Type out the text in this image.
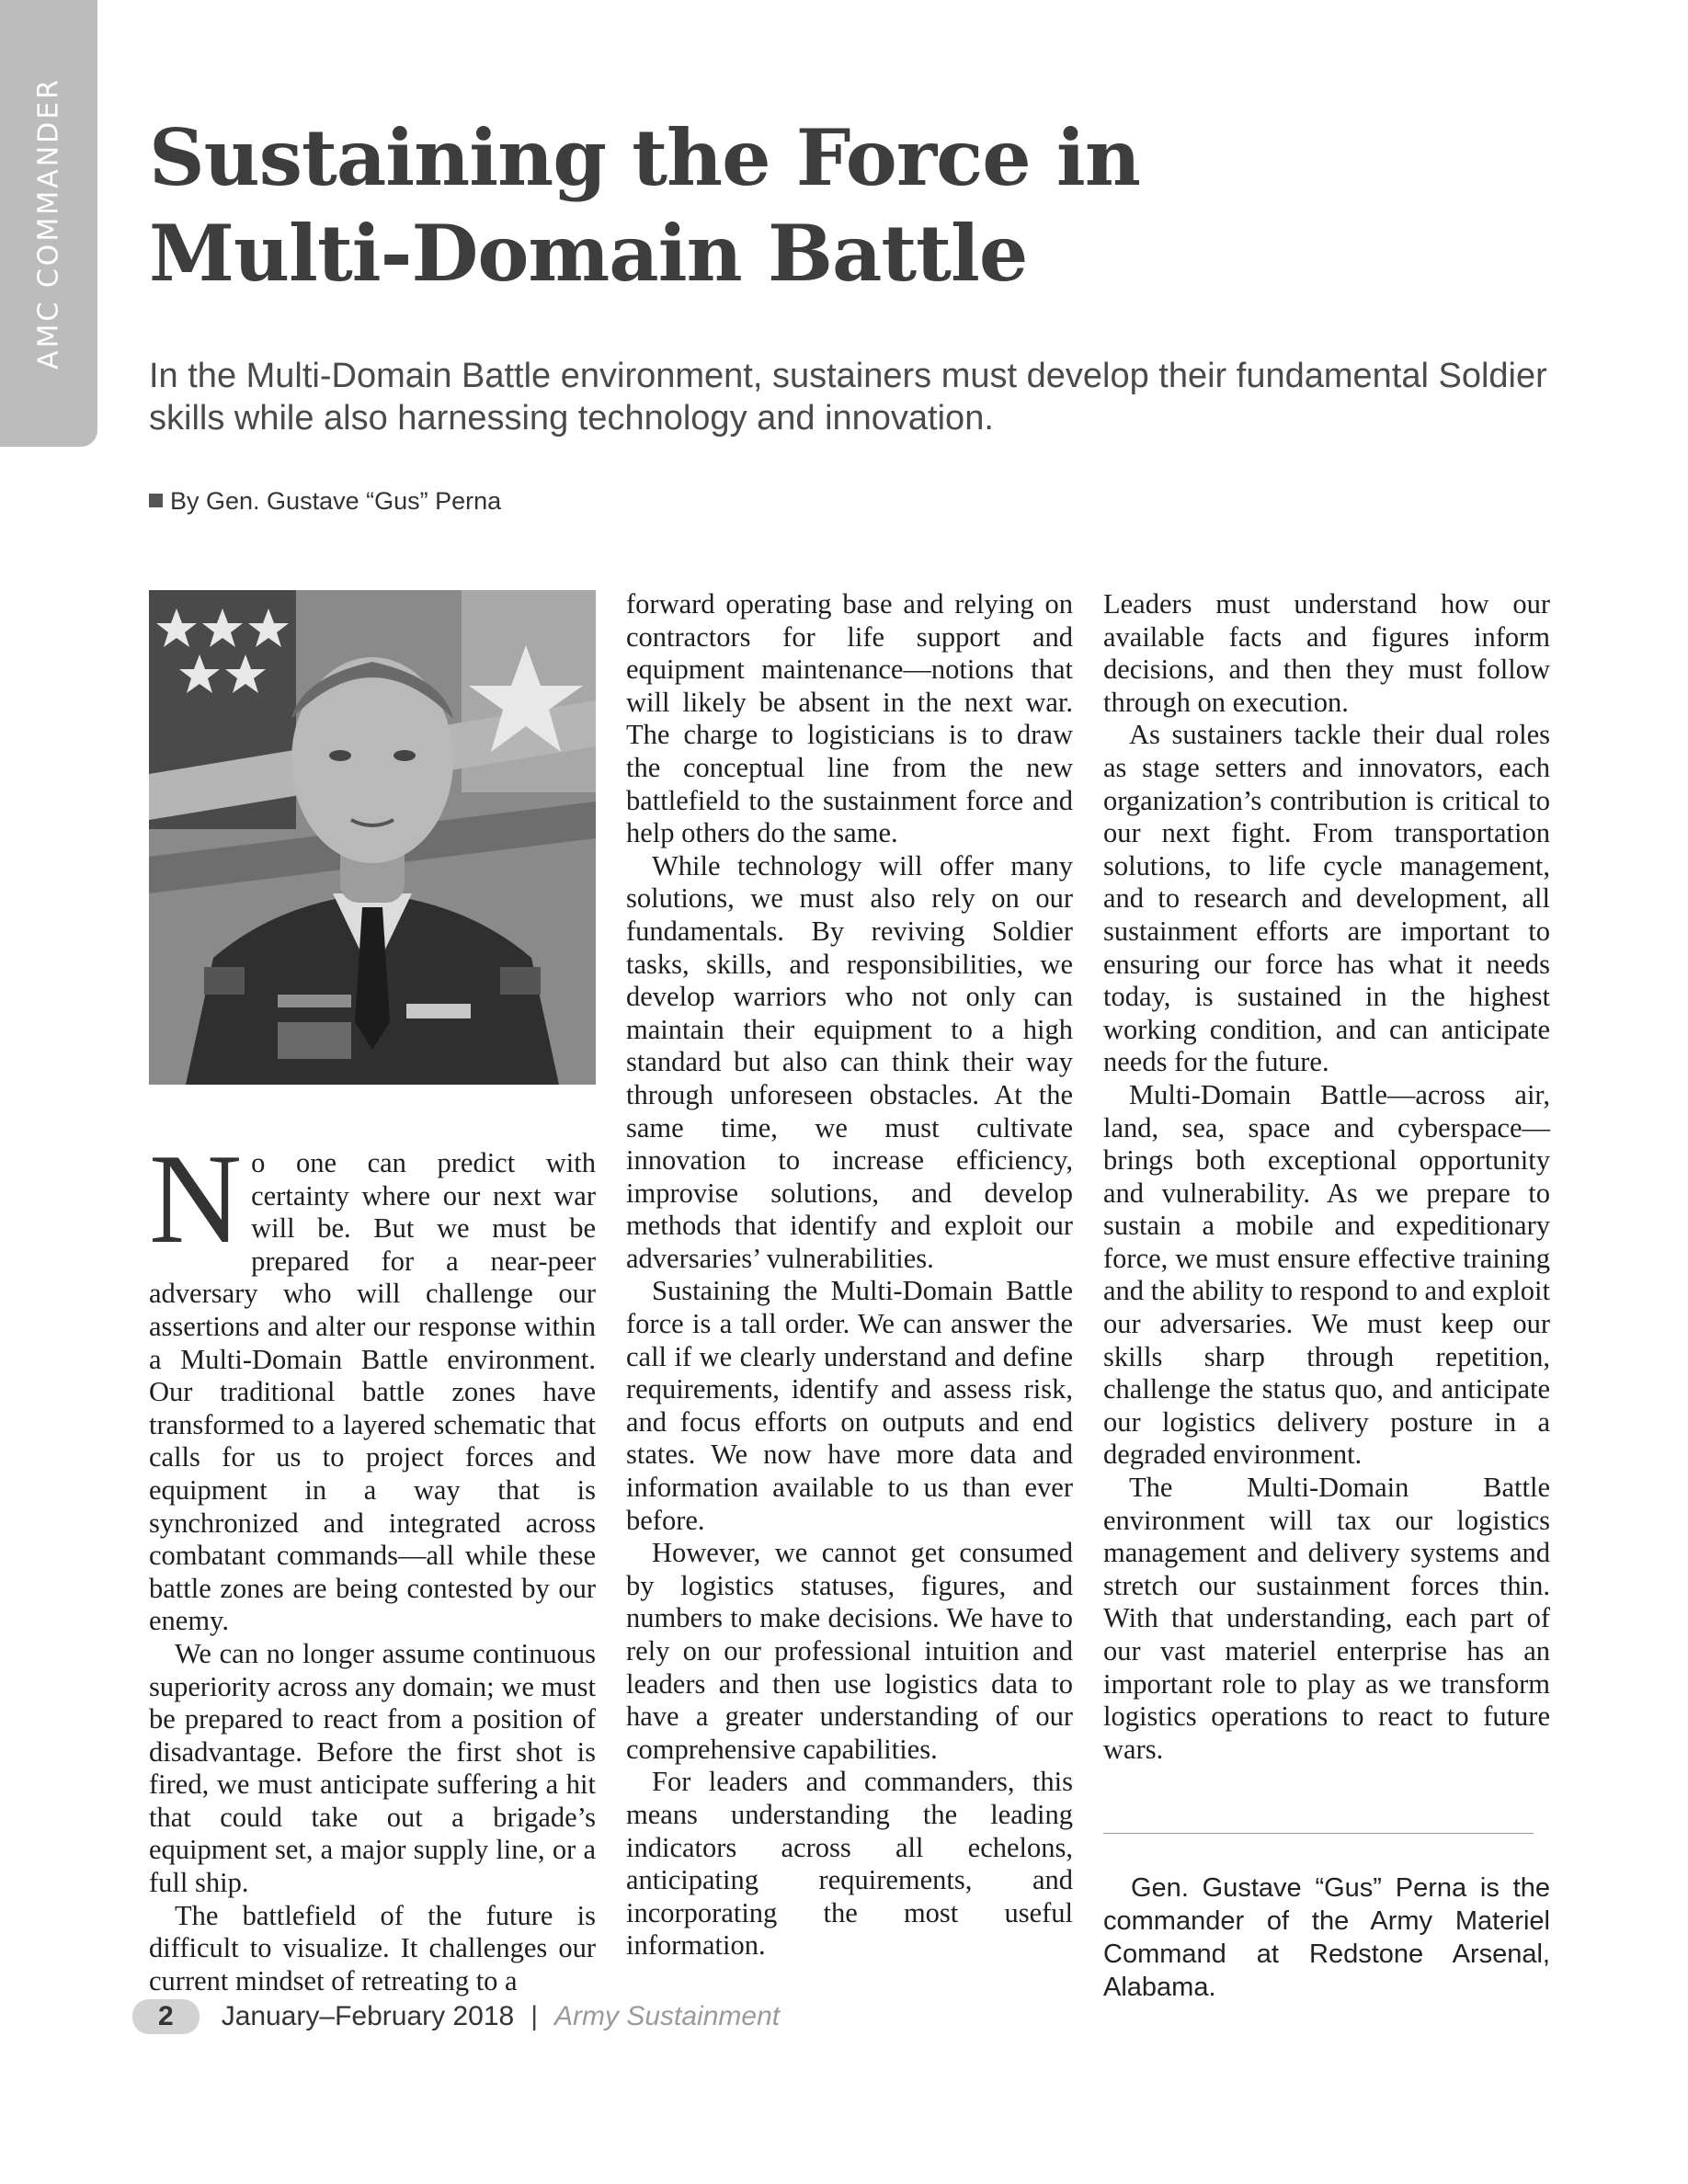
AMC COMMANDER Sustaining the Force in
Multi-Domain Battle

In the Multi-Domain Battle environment, sustainers must develop their fundamental Soldier skills while also harnessing technology and innovation.

By Gen. Gustave “Gus” Perna

No one can predict with certainty where our next war will be. But we must be prepared for a near-peer adversary who will challenge our assertions and alter our response within a Multi-Domain Battle environment. Our traditional battle zones have transformed to a layered schematic that calls for us to project forces and equipment in a way that is synchronized and integrated across combatant commands—all while these battle zones are being contested by our enemy.

We can no longer assume continuous superiority across any domain; we must be prepared to react from a position of disadvantage. Before the first shot is fired, we must anticipate suffering a hit that could take out a brigade’s equipment set, a major supply line, or a full ship.

The battlefield of the future is difficult to visualize. It challenges our current mindset of retreating to a

forward operating base and relying on contractors for life support and equipment maintenance—notions that will likely be absent in the next war. The charge to logisticians is to draw the conceptual line from the new battlefield to the sustainment force and help others do the same.

While technology will offer many solutions, we must also rely on our fundamentals. By reviving Soldier tasks, skills, and responsibilities, we develop warriors who not only can maintain their equipment to a high standard but also can think their way through unforeseen obstacles. At the same time, we must cultivate innovation to increase efficiency, improvise solutions, and develop methods that identify and exploit our adversaries’ vulnerabilities.

Sustaining the Multi-Domain Battle force is a tall order. We can answer the call if we clearly understand and define requirements, identify and assess risk, and focus efforts on outputs and end states. We now have more data and information available to us than ever before.

However, we cannot get consumed by logistics statuses, figures, and numbers to make decisions. We have to rely on our professional intuition and leaders and then use logistics data to have a greater understanding of our comprehensive capabilities.

For leaders and commanders, this means understanding the leading indicators across all echelons, anticipating requirements, and incorporating the most useful information.

Leaders must understand how our available facts and figures inform decisions, and then they must follow through on execution.

As sustainers tackle their dual roles as stage setters and innovators, each organization’s contribution is critical to our next fight. From transportation solutions, to life cycle management, and to research and development, all sustainment efforts are important to ensuring our force has what it needs today, is sustained in the highest working condition, and can anticipate needs for the future.

Multi-Domain Battle—across air, land, sea, space and cyberspace—brings both exceptional opportunity and vulnerability. As we prepare to sustain a mobile and expeditionary force, we must ensure effective training and the ability to respond to and exploit our adversaries. We must keep our skills sharp through repetition, challenge the status quo, and anticipate our logistics delivery posture in a degraded environment.

The Multi-Domain Battle environment will tax our logistics management and delivery systems and stretch our sustainment forces thin. With that understanding, each part of our vast materiel enterprise has an important role to play as we transform logistics operations to react to future wars.

Gen. Gustave “Gus” Perna is the commander of the Army Materiel Command at Redstone Arsenal, Alabama.

2	January–February 2018 | Army Sustainment
